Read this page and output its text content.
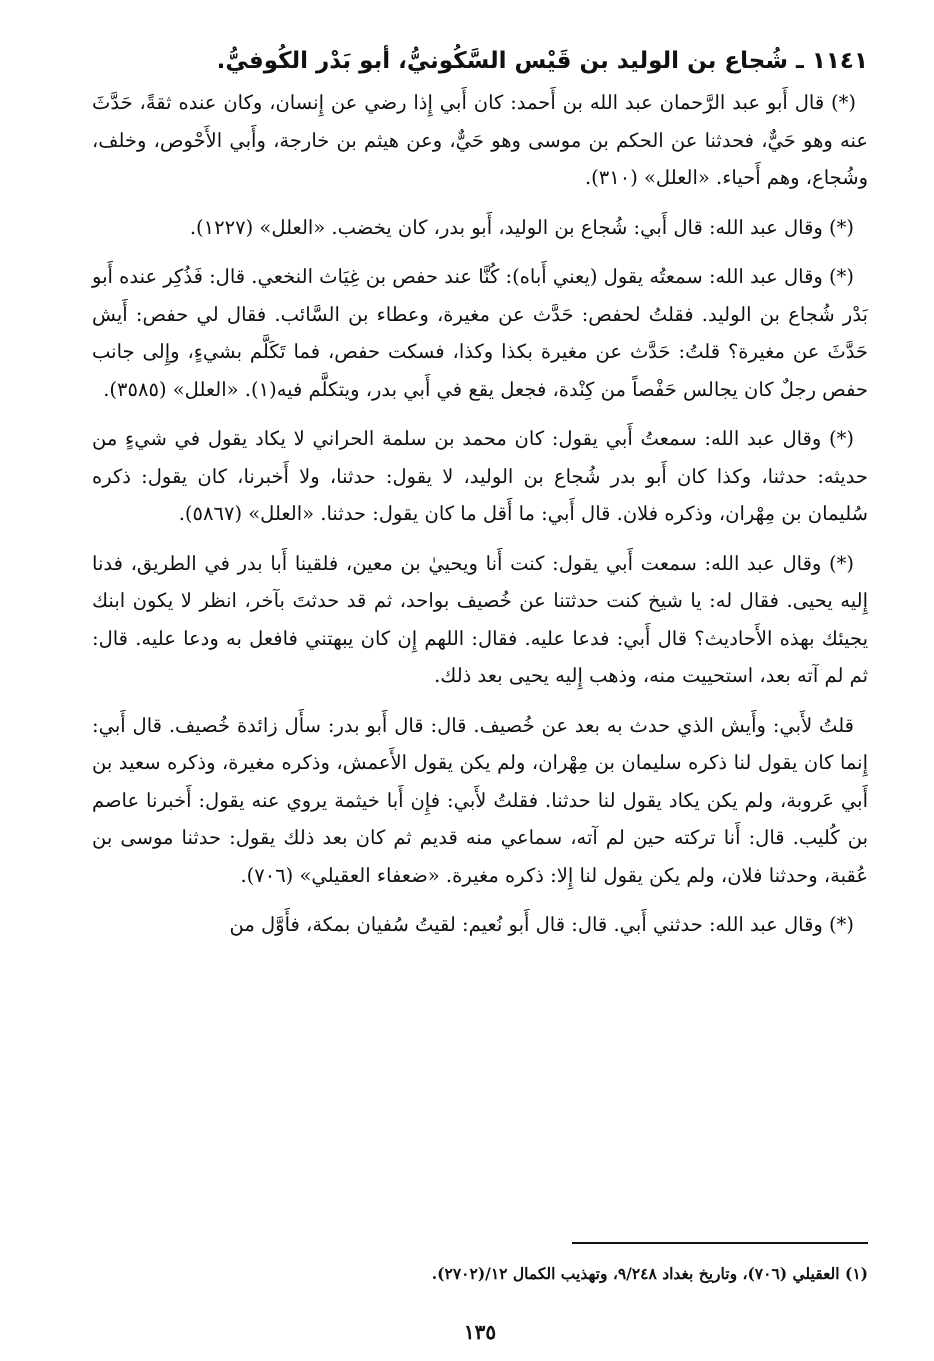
١١٤١ ـ شُجاع بن الوليد بن قَيْس السَّكُونيُّ، أبو بَدْر الكُوفيُّ.

(*) قال أَبو عبد الرَّحمان عبد الله بن أَحمد: كان أَبي إِذا رضي عن إِنسان، وكان عنده ثقةً، حَدَّثَ عنه وهو حَيٌّ، فحدثنا عن الحكم بن موسى وهو حَيٌّ، وعن هيثم بن خارجة، وأَبي الأَحْوص، وخلف، وشُجاع، وهم أَحياء. «العلل» (٣١٠).

(*) وقال عبد الله: قال أَبي: شُجاع بن الوليد، أَبو بدر، كان يخضب. «العلل» (١٢٢٧).

(*) وقال عبد الله: سمعتُه يقول (يعني أَباه): كُنَّا عند حفص بن غِيَاث النخعي. قال: فَذُكِر عنده أَبو بَدْر شُجاع بن الوليد. فقلتُ لحفص: حَدَّث عن مغيرة، وعطاء بن السَّائب. فقال لي حفص: أَيش حَدَّثَ عن مغيرة؟ قلتُ: حَدَّث عن مغيرة بكذا وكذا، فسكت حفص، فما تَكَلَّم بشيءٍ، وإِلى جانب حفص رجلٌ كان يجالس حَفْصاً من كِنْدة، فجعل يقع في أَبي بدر، ويتكلَّم فيه(١). «العلل» (٣٥٨٥).

(*) وقال عبد الله: سمعتُ أَبي يقول: كان محمد بن سلمة الحراني لا يكاد يقول في شيءٍ من حديثه: حدثنا، وكذا كان أَبو بدر شُجاع بن الوليد، لا يقول: حدثنا، ولا أَخبرنا، كان يقول: ذكره سُليمان بن مِهْران، وذكره فلان. قال أَبي: ما أَقل ما كان يقول: حدثنا. «العلل» (٥٨٦٧).

(*) وقال عبد الله: سمعت أَبي يقول: كنت أَنا ويحييٰ بن معين، فلقينا أَبا بدر في الطريق، فدنا إِليه يحيى. فقال له: يا شيخ كنت حدثتنا عن خُصيف بواحد، ثم قد حدثتَ بآخر، انظر لا يكون ابنك يجيئك بهذه الأَحاديث؟ قال أَبي: فدعا عليه. فقال: اللهم إِن كان يبهتني فافعل به ودعا عليه. قال: ثم لم آته بعد، استحييت منه، وذهب إِليه يحيى بعد ذلك.

قلتُ لأَبي: وأَيش الذي حدث به بعد عن خُصيف. قال: قال أَبو بدر: سأَل زائدة خُصيف. قال أَبي: إِنما كان يقول لنا ذكره سليمان بن مِهْران، ولم يكن يقول الأَعمش، وذكره مغيرة، وذكره سعيد بن أَبي عَروبة، ولم يكن يكاد يقول لنا حدثنا. فقلتُ لأَبي: فإِن أَبا خيثمة يروي عنه يقول: أَخبرنا عاصم بن كُليب. قال: أَنا تركته حين لم آته، سماعي منه قديم ثم كان بعد ذلك يقول: حدثنا موسى بن عُقبة، وحدثنا فلان، ولم يكن يقول لنا إِلا: ذكره مغيرة. «ضعفاء العقيلي» (٧٠٦).

(*) وقال عبد الله: حدثني أَبي. قال: قال أَبو نُعيم: لقيتُ سُفيان بمكة، فأَوَّل من

(١) العقيلي (٧٠٦)، وتاريخ بغداد ٩/٢٤٨، وتهذيب الكمال ١٢/(٢٧٠٢).
١٣٥
